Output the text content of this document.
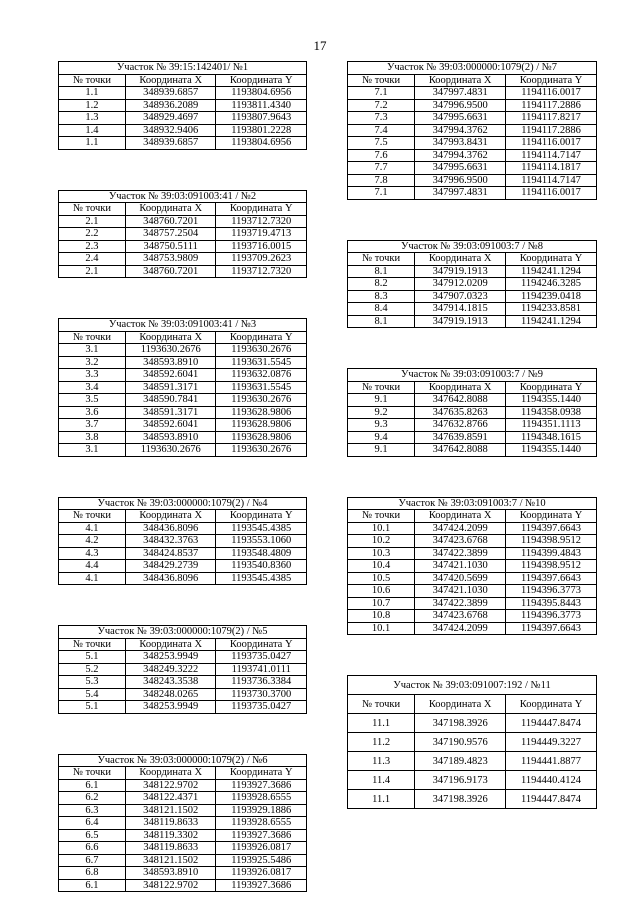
17
Участок № 39:15:142401/ №1		
№ точки	Координата X	Координата Y
1.1	348939.6857	1193804.6956
1.2	348936.2089	1193811.4340
1.3	348929.4697	1193807.9643
1.4	348932.9406	1193801.2228
1.1	348939.6857	1193804.6956
Участок № 39:03:091003:41 / №2		
№ точки	Координата X	Координата Y
2.1	348760.7201	1193712.7320
2.2	348757.2504	1193719.4713
2.3	348750.5111	1193716.0015
2.4	348753.9809	1193709.2623
2.1	348760.7201	1193712.7320
Участок № 39:03:091003:41 / №3		
№ точки	Координата X	Координата Y
3.1	1193630.2676	1193630.2676
3.2	348593.8910	1193631.5545
3.3	348592.6041	1193632.0876
3.4	348591.3171	1193631.5545
3.5	348590.7841	1193630.2676
3.6	348591.3171	1193628.9806
3.7	348592.6041	1193628.9806
3.8	348593.8910	1193628.9806
3.1	1193630.2676	1193630.2676
Участок № 39:03:000000:1079(2) / №4		
№ точки	Координата X	Координата Y
4.1	348436.8096	1193545.4385
4.2	348432.3763	1193553.1060
4.3	348424.8537	1193548.4809
4.4	348429.2739	1193540.8360
4.1	348436.8096	1193545.4385
Участок № 39:03:000000:1079(2) / №5		
№ точки	Координата X	Координата Y
5.1	348253.9949	1193735.0427
5.2	348249.3222	1193741.0111
5.3	348243.3538	1193736.3384
5.4	348248.0265	1193730.3700
5.1	348253.9949	1193735.0427
Участок № 39:03:000000:1079(2) / №6		
№ точки	Координата X	Координата Y
6.1	348122.9702	1193927.3686
6.2	348122.4371	1193928.6555
6.3	348121.1502	1193929.1886
6.4	348119.8633	1193928.6555
6.5	348119.3302	1193927.3686
6.6	348119.8633	1193926.0817
6.7	348121.1502	1193925.5486
6.8	348593.8910	1193926.0817
6.1	348122.9702	1193927.3686
Участок № 39:03:000000:1079(2) / №7		
№ точки	Координата X	Координата Y
7.1	347997.4831	1194116.0017
7.2	347996.9500	1194117.2886
7.3	347995.6631	1194117.8217
7.4	347994.3762	1194117.2886
7.5	347993.8431	1194116.0017
7.6	347994.3762	1194114.7147
7.7	347995.6631	1194114.1817
7.8	347996.9500	1194114.7147
7.1	347997.4831	1194116.0017
Участок № 39:03:091003:7 / №8		
№ точки	Координата X	Координата Y
8.1	347919.1913	1194241.1294
8.2	347912.0209	1194246.3285
8.3	347907.0323	1194239.0418
8.4	347914.1815	1194233.8581
8.1	347919.1913	1194241.1294
Участок № 39:03:091003:7 / №9		
№ точки	Координата X	Координата Y
9.1	347642.8088	1194355.1440
9.2	347635.8263	1194358.0938
9.3	347632.8766	1194351.1113
9.4	347639.8591	1194348.1615
9.1	347642.8088	1194355.1440
Участок № 39:03:091003:7 / №10		
№ точки	Координата X	Координата Y
10.1	347424.2099	1194397.6643
10.2	347423.6768	1194398.9512
10.3	347422.3899	1194399.4843
10.4	347421.1030	1194398.9512
10.5	347420.5699	1194397.6643
10.6	347421.1030	1194396.3773
10.7	347422.3899	1194395.8443
10.8	347423.6768	1194396.3773
10.1	347424.2099	1194397.6643
Участок № 39:03:091007:192 / №11		
№ точки	Координата X	Координата Y
11.1	347198.3926	1194447.8474
11.2	347190.9576	1194449.3227
11.3	347189.4823	1194441.8877
11.4	347196.9173	1194440.4124
11.1	347198.3926	1194447.8474
